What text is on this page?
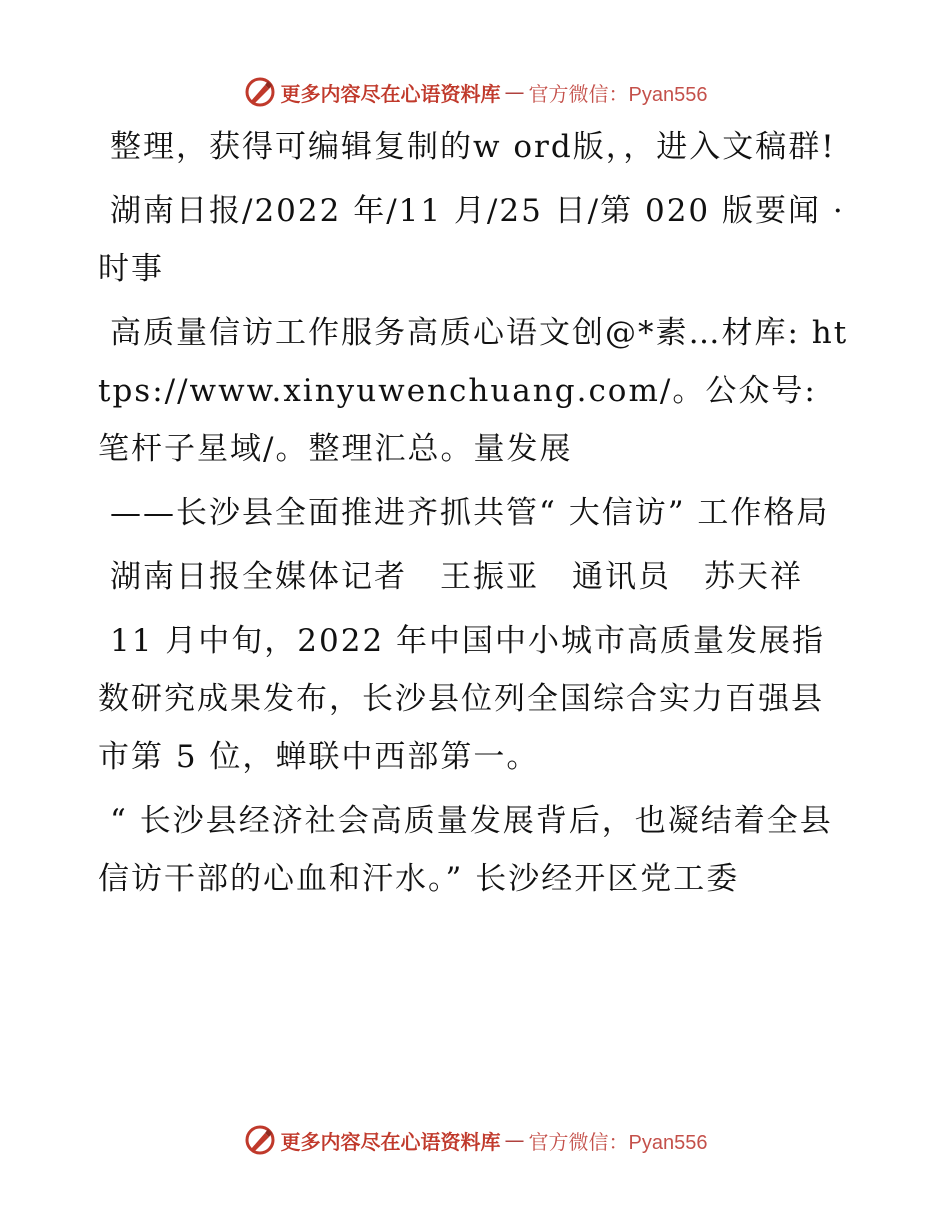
更多内容尽在心语资料库 — 官方微信：Pyan556

整理，获得可编辑复制的w ord版，，进入文稿群!

湖南日报/2022 年/11 月/25 日/第 020 版要闻 · 时事

高质量信访工作服务高质心语文创@*素…材库: https://www.xinyuwenchuang.com/。公众号: 笔杆子星域/。整理汇总。量发展

——长沙县全面推进齐抓共管“ 大信访” 工作格局

湖南日报全媒体记者　王振亚　通讯员　苏天祥

11 月中旬，2022 年中国中小城市高质量发展指数研究成果发布，长沙县位列全国综合实力百强县市第 5 位，蝉联中西部第一。

“ 长沙县经济社会高质量发展背后，也凝结着全县信访干部的心血和汗水。” 长沙经开区党工委

更多内容尽在心语资料库 — 官方微信：Pyan556
